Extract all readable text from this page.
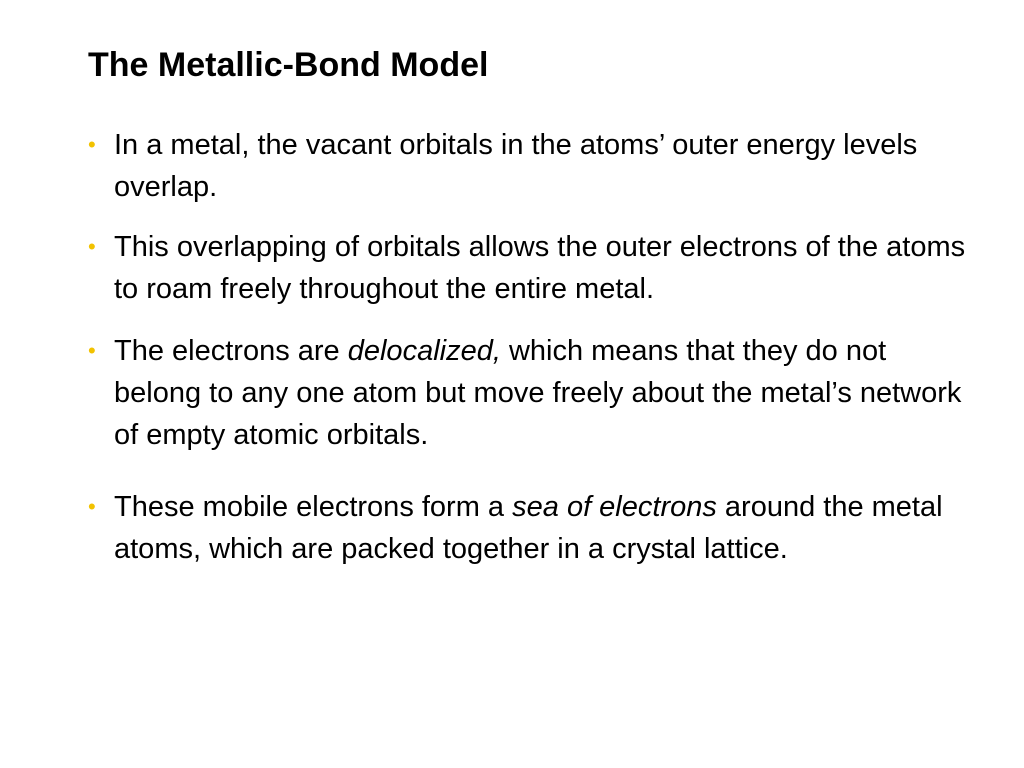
The Metallic-Bond Model
• In a metal, the vacant orbitals in the atoms’ outer energy levels overlap.
• This overlapping of orbitals allows the outer electrons of the atoms to roam freely throughout the entire metal.
• The electrons are delocalized, which means that they do not belong to any one atom but move freely about the metal’s network of empty atomic orbitals.
• These mobile electrons form a sea of electrons around the metal atoms, which are packed together in a crystal lattice.
